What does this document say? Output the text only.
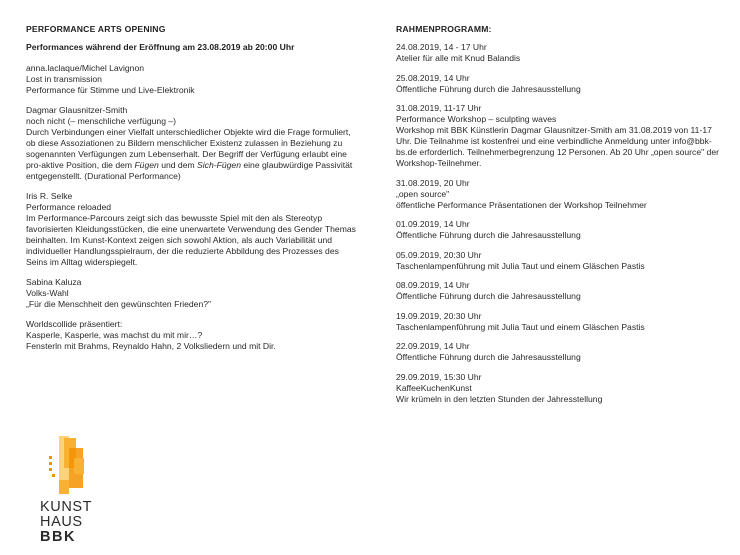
PERFORMANCE ARTS OPENING
Performances während der Eröffnung am 23.08.2019 ab 20:00 Uhr
anna.laclaque/Michel Lavignon
Lost in transmission
Performance für Stimme und Live-Elektronik
Dagmar Glausnitzer-Smith
noch nicht (– menschliche verfügung –)
Durch Verbindungen einer Vielfalt unterschiedlicher Objekte wird die Frage formuliert, ob diese Assoziationen zu Bildern menschlicher Existenz zulassen in Beziehung zu sogenannten Verfügungen zum Lebenserhalt. Der Begriff der Verfügung erlaubt eine pro-aktive Position, die dem Fügen und dem Sich-Fügen eine glaubwürdige Passivität entgegenstellt. (Durational Performance)
Iris R. Selke
Performance reloaded
Im Performance-Parcours zeigt sich das bewusste Spiel mit den als Stereotyp favorisierten Kleidungsstücken, die eine unerwartete Verwendung des Gender Themas beinhalten. Im Kunst-Kontext zeigen sich sowohl Aktion, als auch Variabilität und individueller Handlungsspielraum, der die reduzierte Abbildung des Prozesses des Seins im Alltag widerspiegelt.
Sabina Kaluza
Volks-Wahl
„Für die Menschheit den gewünschten Frieden?"
Worldscollide präsentiert:
Kasperle, Kasperle, was machst du mit mir…?
Fensterln mit Brahms, Reynaldo Hahn, 2 Volksliedern und mit Dir.
RAHMENPROGRAMM:
24.08.2019, 14 - 17 Uhr
Atelier für alle mit Knud Balandis
25.08.2019, 14 Uhr
Öffentliche Führung durch die Jahresausstellung
31.08.2019, 11-17 Uhr
Performance Workshop – sculpting waves
Workshop mit BBK Künstlerin Dagmar Glausnitzer-Smith am 31.08.2019 von 11-17 Uhr. Die Teilnahme ist kostenfrei und eine verbindliche Anmeldung unter info@bbk-bs.de erforderlich. Teilnehmerbegrenzung 12 Personen. Ab 20 Uhr „open source" der Workshop-Teilnehmer.
31.08.2019, 20 Uhr
„open source"
öffentliche Performance Präsentationen der Workshop Teilnehmer
01.09.2019, 14 Uhr
Öffentliche Führung durch die Jahresausstellung
05.09.2019, 20:30 Uhr
Taschenlampenführung mit Julia Taut und einem Gläschen Pastis
08.09.2019, 14 Uhr
Öffentliche Führung durch die Jahresausstellung
19.09.2019, 20:30 Uhr
Taschenlampenführung mit Julia Taut und einem Gläschen Pastis
22.09.2019, 14 Uhr
Öffentliche Führung durch die Jahresausstellung
29.09.2019, 15:30 Uhr
KaffeeKuchenKunst
Wir krümeln in den letzten Stunden der Jahresstellung
KUNST
HAUS
BBK
